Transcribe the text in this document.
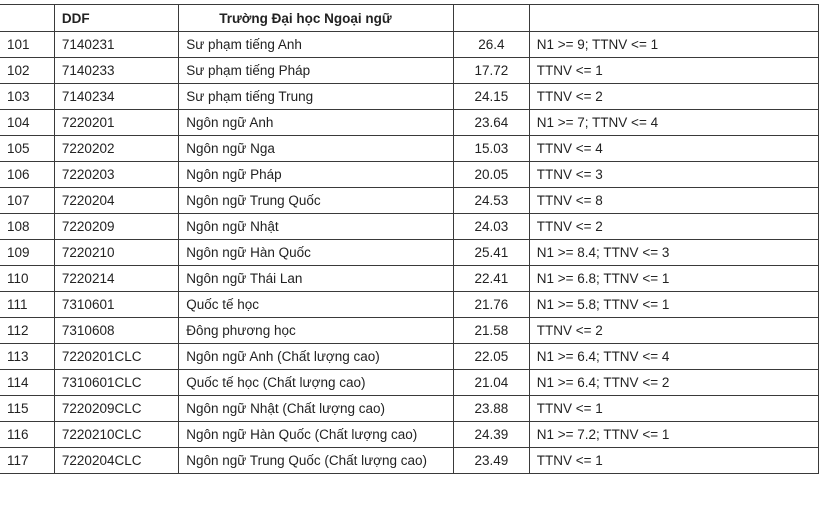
	DDF	Trường Đại học Ngoại ngữ		
101	7140231	Sư phạm tiếng Anh	26.4	N1 >= 9; TTNV <= 1
102	7140233	Sư phạm tiếng Pháp	17.72	TTNV <= 1
103	7140234	Sư phạm tiếng Trung	24.15	TTNV <= 2
104	7220201	Ngôn ngữ Anh	23.64	N1 >= 7; TTNV <= 4
105	7220202	Ngôn ngữ Nga	15.03	TTNV <= 4
106	7220203	Ngôn ngữ Pháp	20.05	TTNV <= 3
107	7220204	Ngôn ngữ Trung Quốc	24.53	TTNV <= 8
108	7220209	Ngôn ngữ Nhật	24.03	TTNV <= 2
109	7220210	Ngôn ngữ Hàn Quốc	25.41	N1 >= 8.4; TTNV <= 3
110	7220214	Ngôn ngữ Thái Lan	22.41	N1 >= 6.8; TTNV <= 1
111	7310601	Quốc tế học	21.76	N1 >= 5.8; TTNV <= 1
112	7310608	Đông phương học	21.58	TTNV <= 2
113	7220201CLC	Ngôn ngữ Anh (Chất lượng cao)	22.05	N1 >= 6.4; TTNV <= 4
114	7310601CLC	Quốc tế học (Chất lượng cao)	21.04	N1 >= 6.4; TTNV <= 2
115	7220209CLC	Ngôn ngữ Nhật (Chất lượng cao)	23.88	TTNV <= 1
116	7220210CLC	Ngôn ngữ Hàn Quốc (Chất lượng cao)	24.39	N1 >= 7.2; TTNV <= 1
117	7220204CLC	Ngôn ngữ Trung Quốc (Chất lượng cao)	23.49	TTNV <= 1
